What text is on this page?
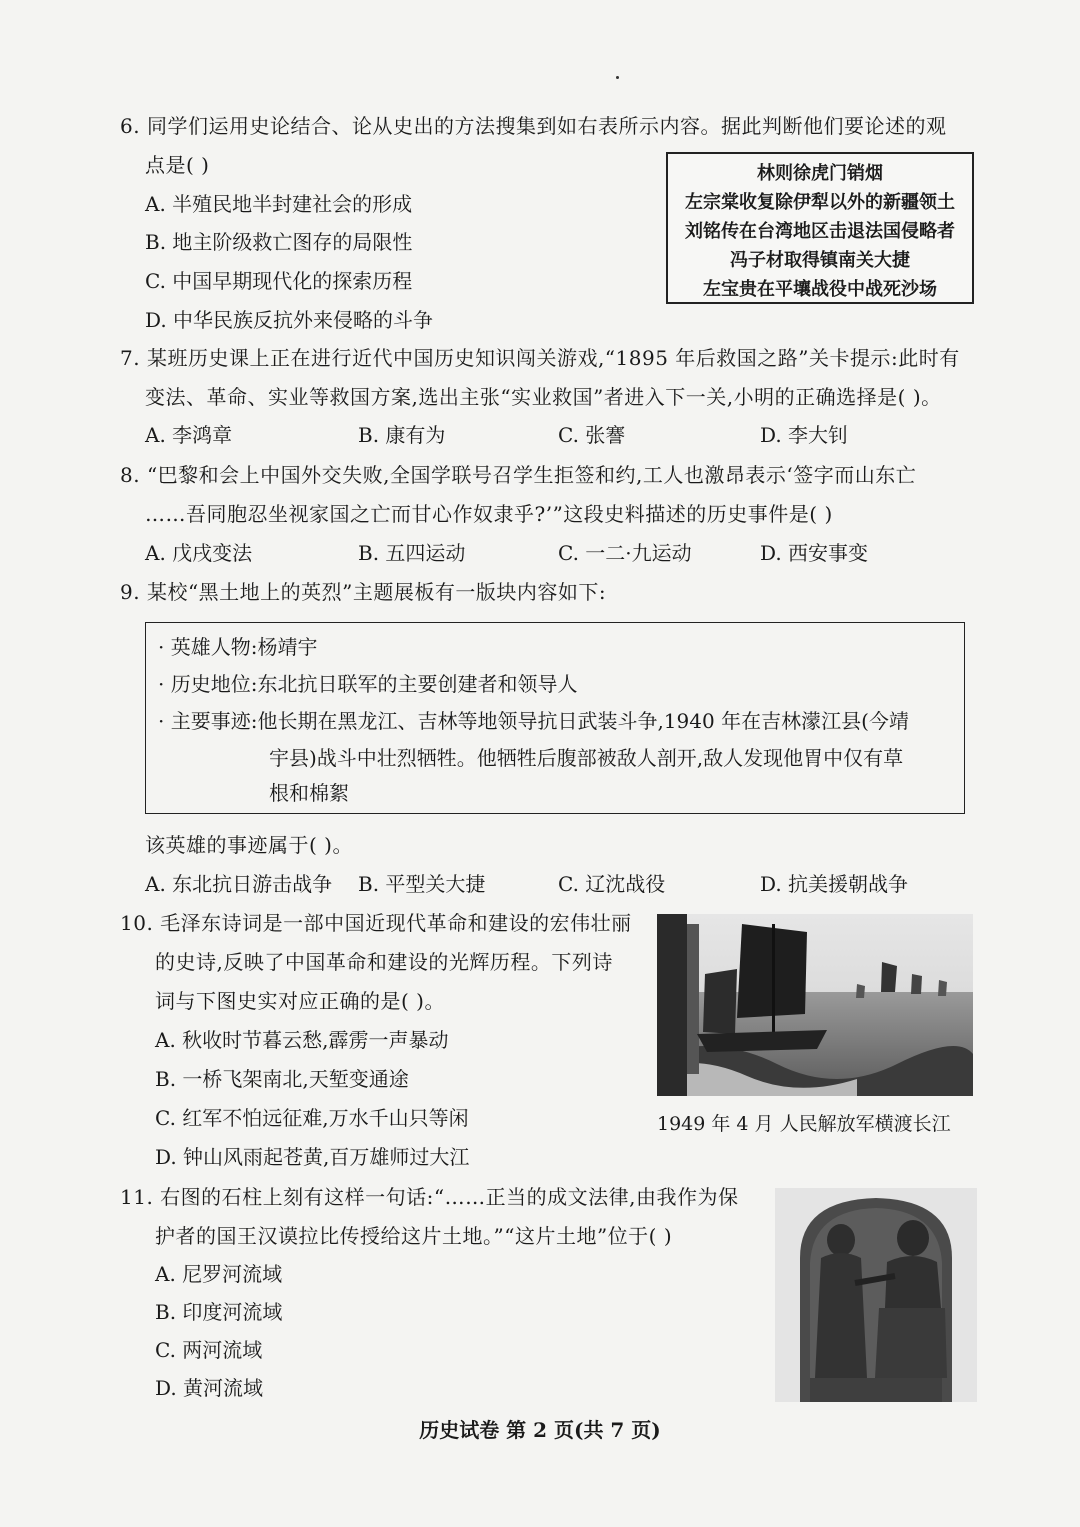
6. 同学们运用史论结合、论从史出的方法搜集到如右表所示内容。据此判断他们要论述的观
点是( )
A. 半殖民地半封建社会的形成
B. 地主阶级救亡图存的局限性
C. 中国早期现代化的探索历程
D. 中华民族反抗外来侵略的斗争
林则徐虎门销烟
左宗棠收复除伊犁以外的新疆领土
刘铭传在台湾地区击退法国侵略者
冯子材取得镇南关大捷
左宝贵在平壤战役中战死沙场
7. 某班历史课上正在进行近代中国历史知识闯关游戏,“1895 年后救国之路”关卡提示:此时有
变法、革命、实业等救国方案,选出主张“实业救国”者进入下一关,小明的正确选择是( )。
A. 李鸿章	B. 康有为	C. 张謇	D. 李大钊
8. “巴黎和会上中国外交失败,全国学联号召学生拒签和约,工人也激昂表示‘签字而山东亡
……吾同胞忍坐视家国之亡而甘心作奴隶乎?’”这段史料描述的历史事件是( )
A. 戊戌变法	B. 五四运动	C. 一二·九运动	D. 西安事变
9. 某校“黑土地上的英烈”主题展板有一版块内容如下:
· 英雄人物:杨靖宇
· 历史地位:东北抗日联军的主要创建者和领导人
· 主要事迹:他长期在黑龙江、吉林等地领导抗日武装斗争,1940 年在吉林濛江县(今靖
宇县)战斗中壮烈牺牲。他牺牲后腹部被敌人剖开,敌人发现他胃中仅有草
根和棉絮
该英雄的事迹属于( )。
A. 东北抗日游击战争 B. 平型关大捷	C. 辽沈战役	D. 抗美援朝战争
10. 毛泽东诗词是一部中国近现代革命和建设的宏伟壮丽
的史诗,反映了中国革命和建设的光辉历程。下列诗
词与下图史实对应正确的是( )。
A. 秋收时节暮云愁,霹雳一声暴动
B. 一桥飞架南北,天堑变通途
C. 红军不怕远征难,万水千山只等闲
D. 钟山风雨起苍黄,百万雄师过大江
1949 年 4 月 人民解放军横渡长江
11. 右图的石柱上刻有这样一句话:“……正当的成文法律,由我作为保
护者的国王汉谟拉比传授给这片土地。”“这片土地”位于( )
A. 尼罗河流域
B. 印度河流域
C. 两河流域
D. 黄河流域
历史试卷 第 2 页(共 7 页)
